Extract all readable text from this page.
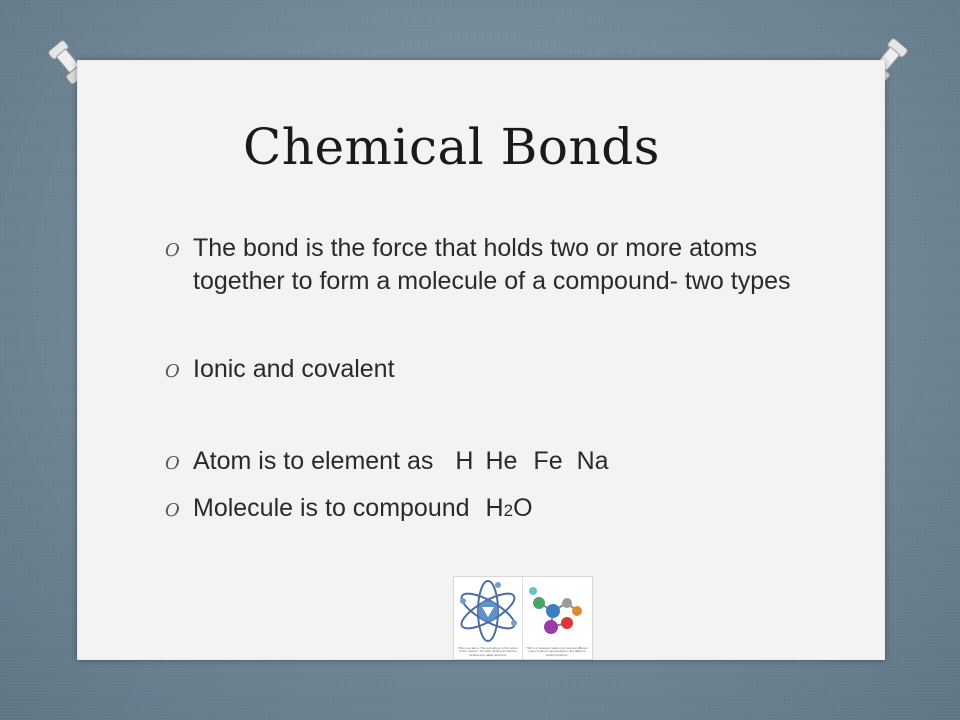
Chemical Bonds
O The bond is the force that holds two or more atoms together to form a molecule of a compound- two types
O Ionic and covalent
O Atom is to element as H He Fe Na
O Molecule is to compound H2O
This is an atom. The red sphere in the center is the nucleus. The dots orbiting around the nucleus are called electrons.
This is a molecule made up of several different types of atoms represented by the different colored spheres.
